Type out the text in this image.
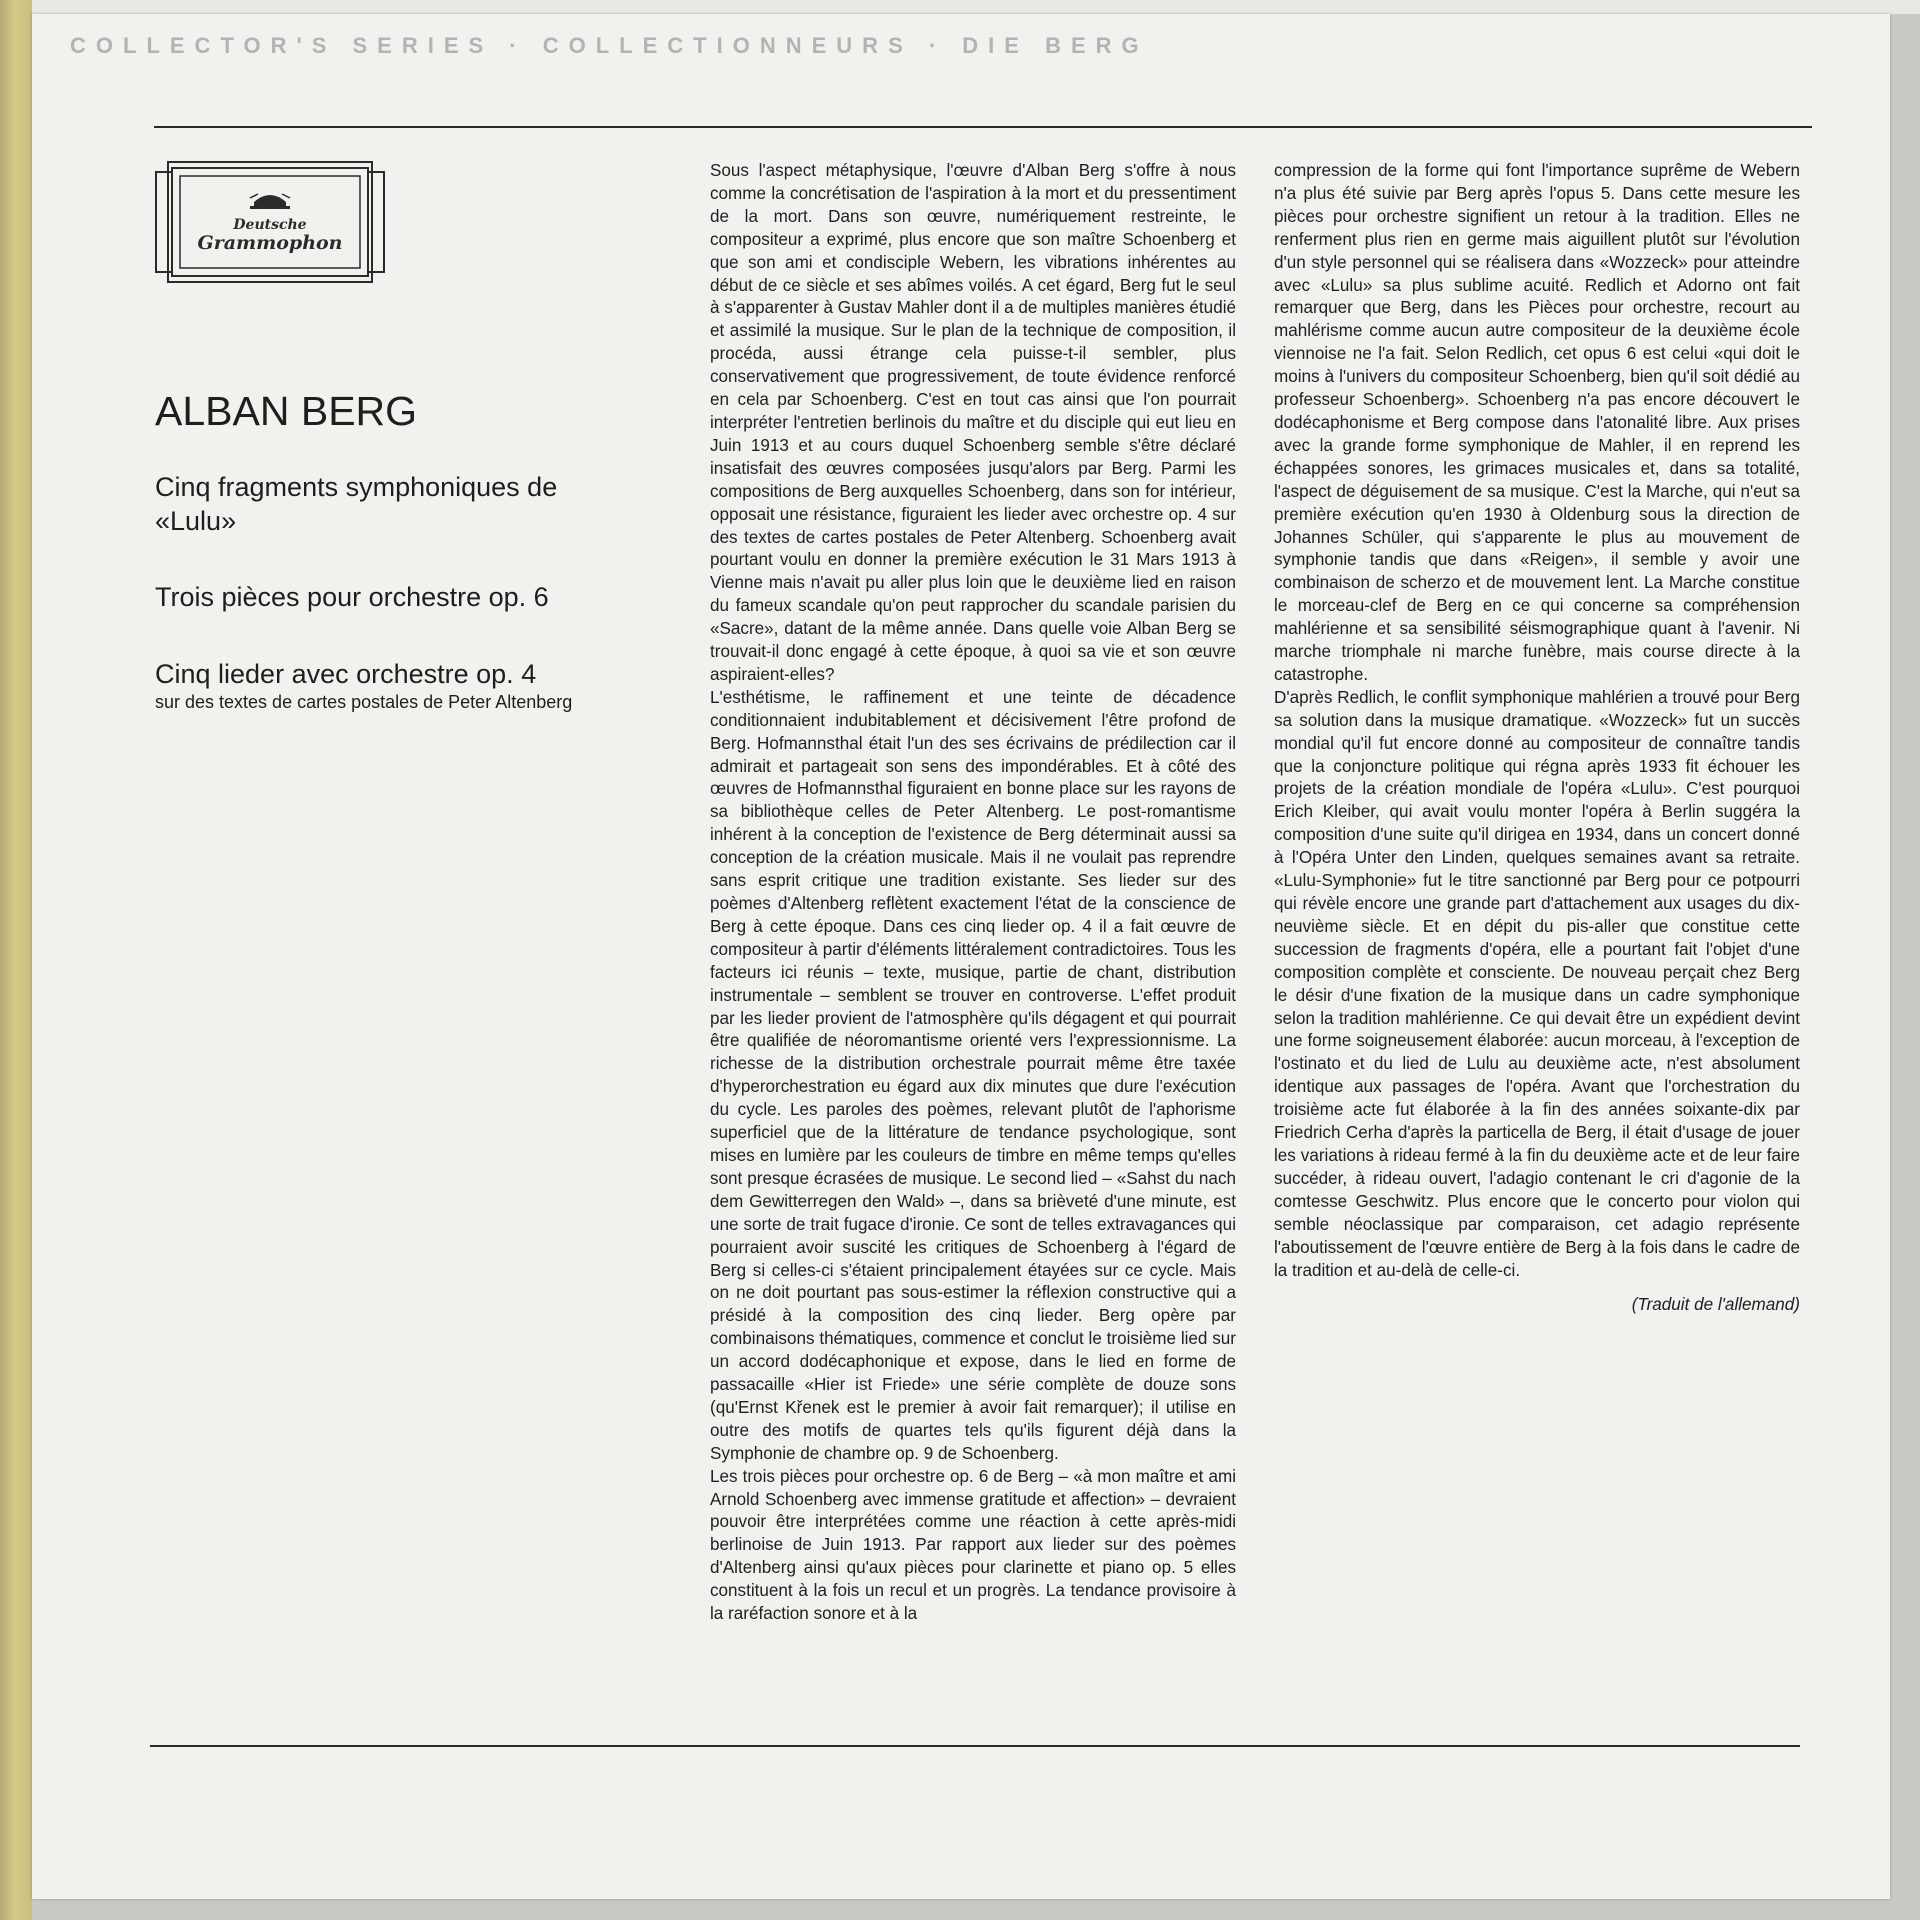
Deutsche
Grammophon
ALBAN BERG
Cinq fragments symphoniques de «Lulu»
Trois pièces pour orchestre op. 6
Cinq lieder avec orchestre op. 4
sur des textes de cartes postales de Peter Altenberg

Sous l'aspect métaphysique, l'œuvre d'Alban Berg s'offre à nous comme la concrétisation de l'aspiration à la mort et du pressentiment de la mort. Dans son œuvre, numériquement restreinte, le compositeur a exprimé, plus encore que son maître Schoenberg et que son ami et condisciple Webern, les vibrations inhérentes au début de ce siècle et ses abîmes voilés. A cet égard, Berg fut le seul à s'apparenter à Gustav Mahler dont il a de multiples manières étudié et assimilé la musique. Sur le plan de la technique de composition, il procéda, aussi étrange cela puisse-t-il sembler, plus conservativement que progressivement, de toute évidence renforcé en cela par Schoenberg. C'est en tout cas ainsi que l'on pourrait interpréter l'entretien berlinois du maître et du disciple qui eut lieu en Juin 1913 et au cours duquel Schoenberg semble s'être déclaré insatisfait des œuvres composées jusqu'alors par Berg. Parmi les compositions de Berg auxquelles Schoenberg, dans son for intérieur, opposait une résistance, figuraient les lieder avec orchestre op. 4 sur des textes de cartes postales de Peter Altenberg. Schoenberg avait pourtant voulu en donner la première exécution le 31 Mars 1913 à Vienne mais n'avait pu aller plus loin que le deuxième lied en raison du fameux scandale qu'on peut rapprocher du scandale parisien du «Sacre», datant de la même année. Dans quelle voie Alban Berg se trouvait-il donc engagé à cette époque, à quoi sa vie et son œuvre aspiraient-elles?

L'esthétisme, le raffinement et une teinte de décadence conditionnaient indubitablement et décisivement l'être profond de Berg. Hofmannsthal était l'un des ses écrivains de prédilection car il admirait et partageait son sens des impondérables. Et à côté des œuvres de Hofmannsthal figuraient en bonne place sur les rayons de sa bibliothèque celles de Peter Altenberg. Le post-romantisme inhérent à la conception de l'existence de Berg déterminait aussi sa conception de la création musicale. Mais il ne voulait pas reprendre sans esprit critique une tradition existante. Ses lieder sur des poèmes d'Altenberg reflètent exactement l'état de la conscience de Berg à cette époque. Dans ces cinq lieder op. 4 il a fait œuvre de compositeur à partir d'éléments littéralement contradictoires. Tous les facteurs ici réunis – texte, musique, partie de chant, distribution instrumentale – semblent se trouver en controverse. L'effet produit par les lieder provient de l'atmosphère qu'ils dégagent et qui pourrait être qualifiée de néoromantisme orienté vers l'expressionnisme. La richesse de la distribution orchestrale pourrait même être taxée d'hyperorchestration eu égard aux dix minutes que dure l'exécution du cycle. Les paroles des poèmes, relevant plutôt de l'aphorisme superficiel que de la littérature de tendance psychologique, sont mises en lumière par les couleurs de timbre en même temps qu'elles sont presque écrasées de musique. Le second lied – «Sahst du nach dem Gewitterregen den Wald» –, dans sa brièveté d'une minute, est une sorte de trait fugace d'ironie. Ce sont de telles extravagances qui pourraient avoir suscité les critiques de Schoenberg à l'égard de Berg si celles-ci s'étaient principalement étayées sur ce cycle. Mais on ne doit pourtant pas sous-estimer la réflexion constructive qui a présidé à la composition des cinq lieder. Berg opère par combinaisons thématiques, commence et conclut le troisième lied sur un accord dodécaphonique et expose, dans le lied en forme de passacaille «Hier ist Friede» une série complète de douze sons (qu'Ernst Křenek est le premier à avoir fait remarquer); il utilise en outre des motifs de quartes tels qu'ils figurent déjà dans la Symphonie de chambre op. 9 de Schoenberg.

Les trois pièces pour orchestre op. 6 de Berg – «à mon maître et ami Arnold Schoenberg avec immense gratitude et affection» – devraient pouvoir être interprétées comme une réaction à cette après-midi berlinoise de Juin 1913. Par rapport aux lieder sur des poèmes d'Altenberg ainsi qu'aux pièces pour clarinette et piano op. 5 elles constituent à la fois un recul et un progrès. La tendance provisoire à la raréfaction sonore et à la

compression de la forme qui font l'importance suprême de Webern n'a plus été suivie par Berg après l'opus 5. Dans cette mesure les pièces pour orchestre signifient un retour à la tradition. Elles ne renferment plus rien en germe mais aiguillent plutôt sur l'évolution d'un style personnel qui se réalisera dans «Wozzeck» pour atteindre avec «Lulu» sa plus sublime acuité. Redlich et Adorno ont fait remarquer que Berg, dans les Pièces pour orchestre, recourt au mahlérisme comme aucun autre compositeur de la deuxième école viennoise ne l'a fait. Selon Redlich, cet opus 6 est celui «qui doit le moins à l'univers du compositeur Schoenberg, bien qu'il soit dédié au professeur Schoenberg». Schoenberg n'a pas encore découvert le dodécaphonisme et Berg compose dans l'atonalité libre. Aux prises avec la grande forme symphonique de Mahler, il en reprend les échappées sonores, les grimaces musicales et, dans sa totalité, l'aspect de déguisement de sa musique. C'est la Marche, qui n'eut sa première exécution qu'en 1930 à Oldenburg sous la direction de Johannes Schüler, qui s'apparente le plus au mouvement de symphonie tandis que dans «Reigen», il semble y avoir une combinaison de scherzo et de mouvement lent. La Marche constitue le morceau-clef de Berg en ce qui concerne sa compréhension mahlérienne et sa sensibilité séismographique quant à l'avenir. Ni marche triomphale ni marche funèbre, mais course directe à la catastrophe.

D'après Redlich, le conflit symphonique mahlérien a trouvé pour Berg sa solution dans la musique dramatique. «Wozzeck» fut un succès mondial qu'il fut encore donné au compositeur de connaître tandis que la conjoncture politique qui régna après 1933 fit échouer les projets de la création mondiale de l'opéra «Lulu». C'est pourquoi Erich Kleiber, qui avait voulu monter l'opéra à Berlin suggéra la composition d'une suite qu'il dirigea en 1934, dans un concert donné à l'Opéra Unter den Linden, quelques semaines avant sa retraite. «Lulu-Symphonie» fut le titre sanctionné par Berg pour ce potpourri qui révèle encore une grande part d'attachement aux usages du dix-neuvième siècle. Et en dépit du pis-aller que constitue cette succession de fragments d'opéra, elle a pourtant fait l'objet d'une composition complète et consciente. De nouveau perçait chez Berg le désir d'une fixation de la musique dans un cadre symphonique selon la tradition mahlérienne. Ce qui devait être un expédient devint une forme soigneusement élaborée: aucun morceau, à l'exception de l'ostinato et du lied de Lulu au deuxième acte, n'est absolument identique aux passages de l'opéra. Avant que l'orchestration du troisième acte fut élaborée à la fin des années soixante-dix par Friedrich Cerha d'après la particella de Berg, il était d'usage de jouer les variations à rideau fermé à la fin du deuxième acte et de leur faire succéder, à rideau ouvert, l'adagio contenant le cri d'agonie de la comtesse Geschwitz. Plus encore que le concerto pour violon qui semble néoclassique par comparaison, cet adagio représente l'aboutissement de l'œuvre entière de Berg à la fois dans le cadre de la tradition et au-delà de celle-ci.

(Traduit de l'allemand)
